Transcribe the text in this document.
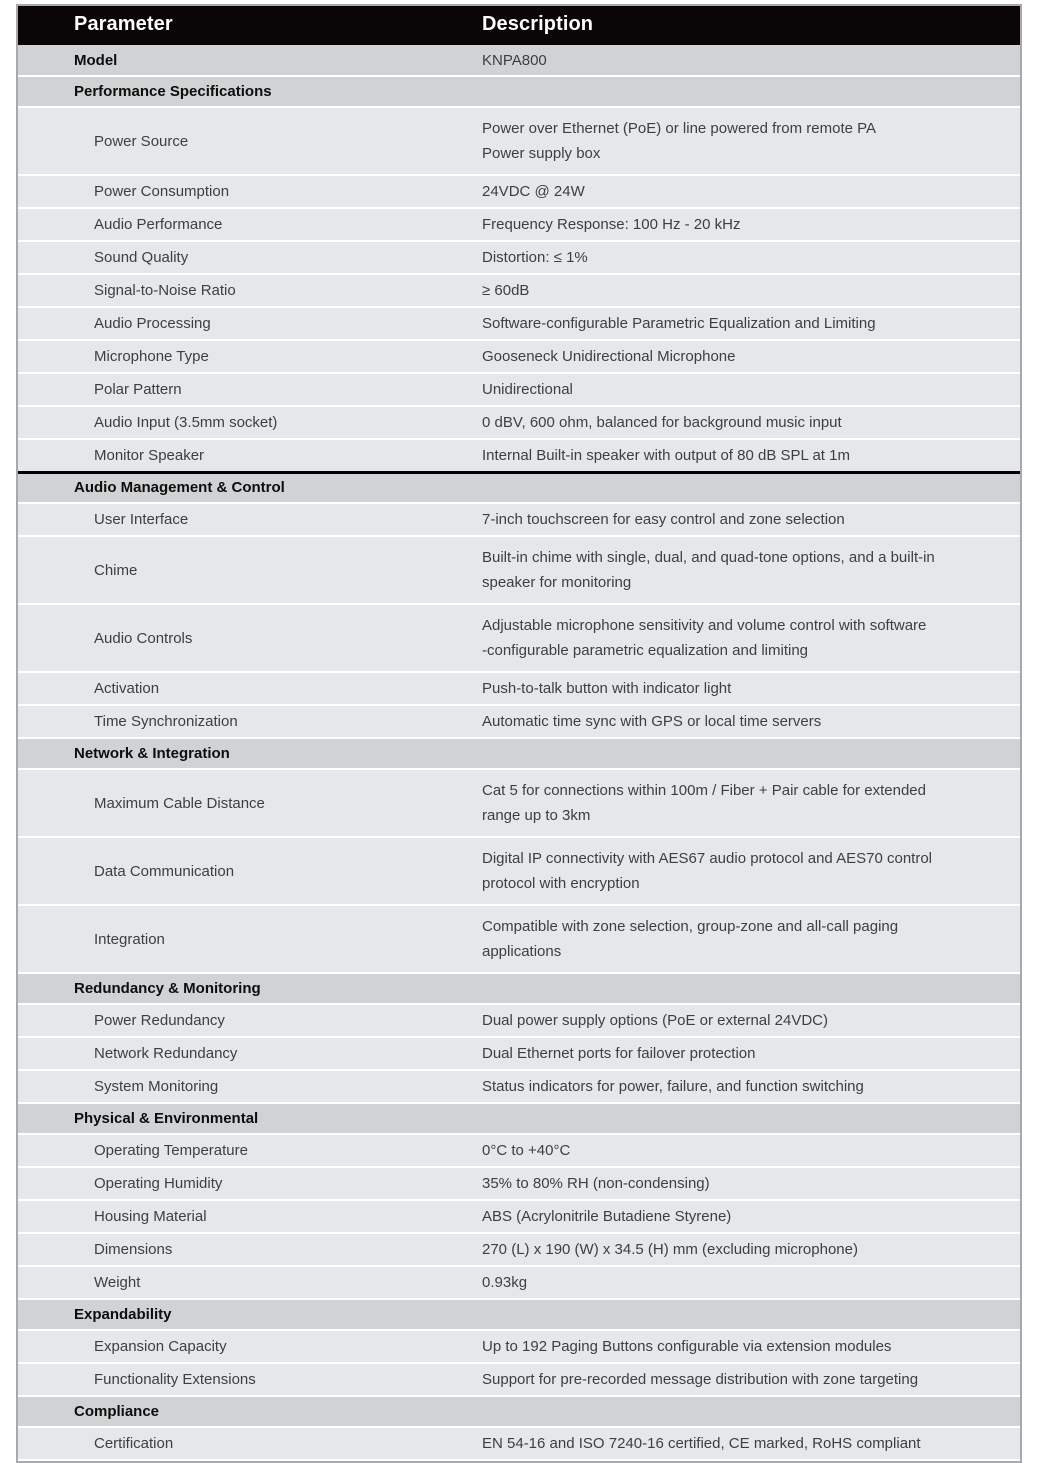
Parameter	Description
Model	KNPA800
Performance Specifications	
Power Source	Power over Ethernet (PoE) or line powered from remote PA
Power supply box

Power Consumption	24VDC @ 24W
Audio Performance	Frequency Response: 100 Hz - 20 kHz
Sound Quality	Distortion: ≤ 1%
Signal-to-Noise Ratio	≥ 60dB
Audio Processing	Software-configurable Parametric Equalization and Limiting
Microphone Type	Gooseneck Unidirectional Microphone
Polar Pattern	Unidirectional
Audio Input (3.5mm socket)	0 dBV, 600 ohm, balanced for background music input
Monitor Speaker	Internal Built-in speaker with output of 80 dB SPL at 1m
Audio Management & Control	
User Interface	7-inch touchscreen for easy control and zone selection
Chime	Built-in chime with single, dual, and quad-tone options, and a built-in
speaker for monitoring

Audio Controls	Adjustable microphone sensitivity and volume control with software
-configurable parametric equalization and limiting

Activation	Push-to-talk button with indicator light
Time Synchronization	Automatic time sync with GPS or local time servers
Network & Integration	
Maximum Cable Distance	Cat 5 for connections within 100m / Fiber + Pair cable for extended
range up to 3km

Data Communication	Digital IP connectivity with AES67 audio protocol and AES70 control
protocol with encryption

Integration	Compatible with zone selection, group-zone and all-call paging
applications

Redundancy & Monitoring	
Power Redundancy	Dual power supply options (PoE or external 24VDC)
Network Redundancy	Dual Ethernet ports for failover protection
System Monitoring	Status indicators for power, failure, and function switching
Physical & Environmental	
Operating Temperature	0°C to +40°C
Operating Humidity	35% to 80% RH (non-condensing)
Housing Material	ABS (Acrylonitrile Butadiene Styrene)
Dimensions	270 (L) x 190 (W) x 34.5 (H) mm (excluding microphone)
Weight	0.93kg
Expandability	
Expansion Capacity	Up to 192 Paging Buttons configurable via extension modules
Functionality Extensions	Support for pre-recorded message distribution with zone targeting
Compliance	
Certification	EN 54-16 and ISO 7240-16 certified, CE marked, RoHS compliant
